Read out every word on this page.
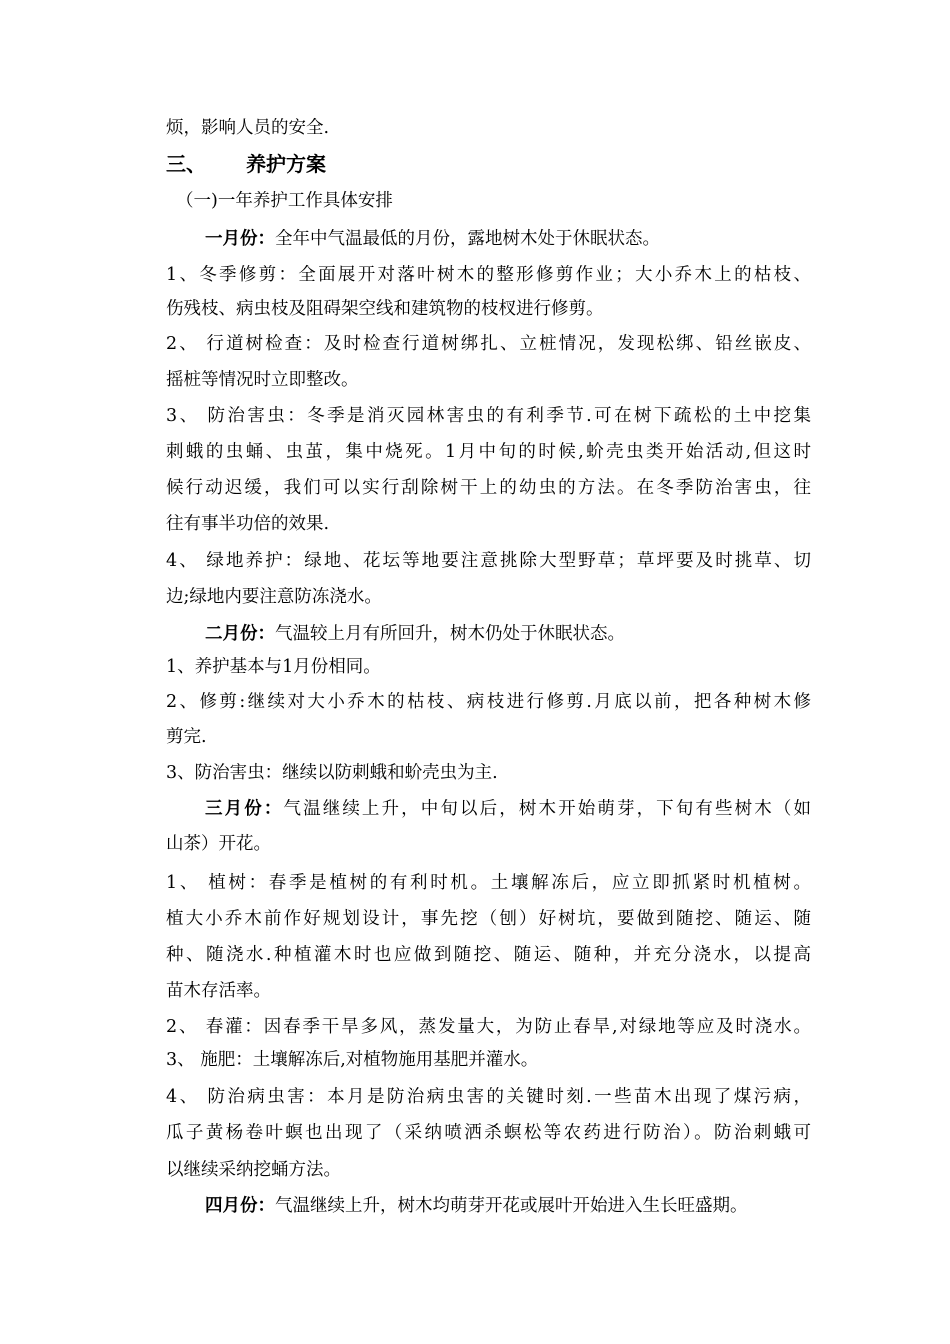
烦，影响人员的安全.
三、 养护方案
（一)一年养护工作具体安排
一月份：全年中气温最低的月份，露地树木处于休眠状态。
1、冬季修剪：全面展开对落叶树木的整形修剪作业；大小乔木上的枯枝、
伤残枝、病虫枝及阻碍架空线和建筑物的枝杈进行修剪。
2、 行道树检查：及时检查行道树绑扎、立桩情况，发现松绑、铅丝嵌皮、
摇桩等情况时立即整改。
3、 防治害虫：冬季是消灭园林害虫的有利季节.可在树下疏松的土中挖集
刺蛾的虫蛹、虫茧，集中烧死。1月中旬的时候,蚧壳虫类开始活动,但这时
候行动迟缓，我们可以实行刮除树干上的幼虫的方法。在冬季防治害虫，往
往有事半功倍的效果.
4、 绿地养护：绿地、花坛等地要注意挑除大型野草；草坪要及时挑草、切
边;绿地内要注意防冻浇水。
二月份：气温较上月有所回升，树木仍处于休眠状态。
1、养护基本与1月份相同。
2、修剪:继续对大小乔木的枯枝、病枝进行修剪.月底以前，把各种树木修
剪完.
3、防治害虫：继续以防刺蛾和蚧壳虫为主.
三月份：气温继续上升，中旬以后，树木开始萌芽，下旬有些树木（如
山茶）开花。
1、 植树：春季是植树的有利时机。土壤解冻后，应立即抓紧时机植树。
植大小乔木前作好规划设计，事先挖（刨）好树坑，要做到随挖、随运、随
种、随浇水.种植灌木时也应做到随挖、随运、随种，并充分浇水，以提高
苗木存活率。
2、 春灌：因春季干旱多风，蒸发量大，为防止春旱,对绿地等应及时浇水。
3、 施肥：土壤解冻后,对植物施用基肥并灌水。
4、 防治病虫害：本月是防治病虫害的关键时刻.一些苗木出现了煤污病，
瓜子黄杨卷叶螟也出现了（采纳喷洒杀螟松等农药进行防治）。防治刺蛾可
以继续采纳挖蛹方法。
四月份：气温继续上升，树木均萌芽开花或展叶开始进入生长旺盛期。
